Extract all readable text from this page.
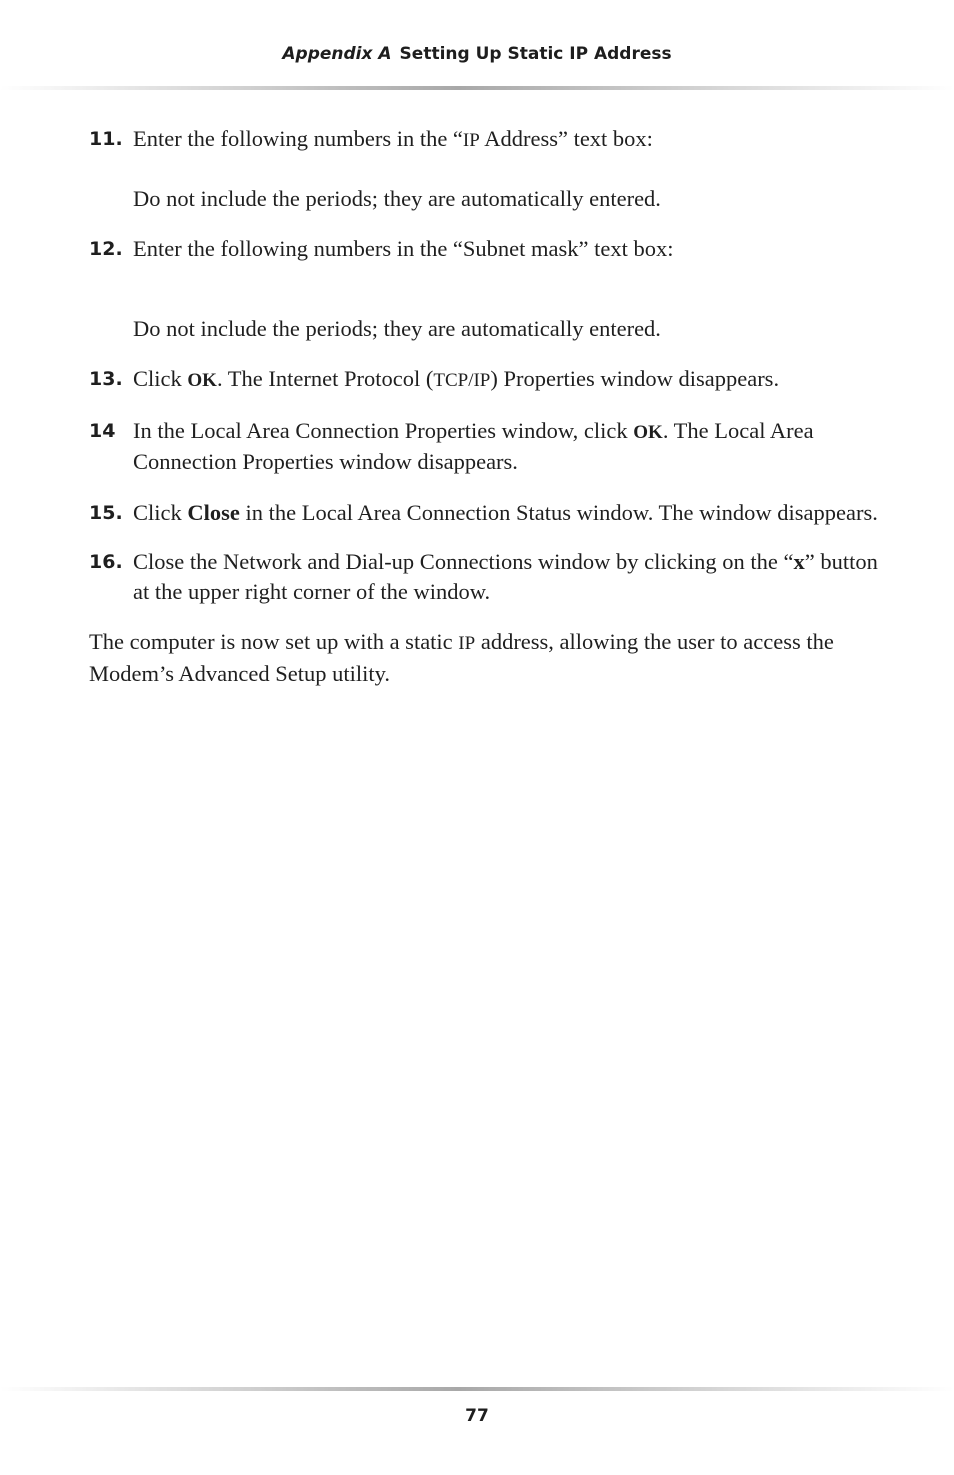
Appendix A Setting Up Static IP Address
11. Enter the following numbers in the “IP Address” text box:
Do not include the periods; they are automatically entered.
12. Enter the following numbers in the “Subnet mask” text box:
Do not include the periods; they are automatically entered.
13. Click OK. The Internet Protocol (TCP/IP) Properties window disappears.
14 In the Local Area Connection Properties window, click OK. The Local Area Connection Properties window disappears.
15. Click Close in the Local Area Connection Status window. The window disappears.
16. Close the Network and Dial-up Connections window by clicking on the “x” button at the upper right corner of the window.
The computer is now set up with a static IP address, allowing the user to access the Modem’s Advanced Setup utility.
77
